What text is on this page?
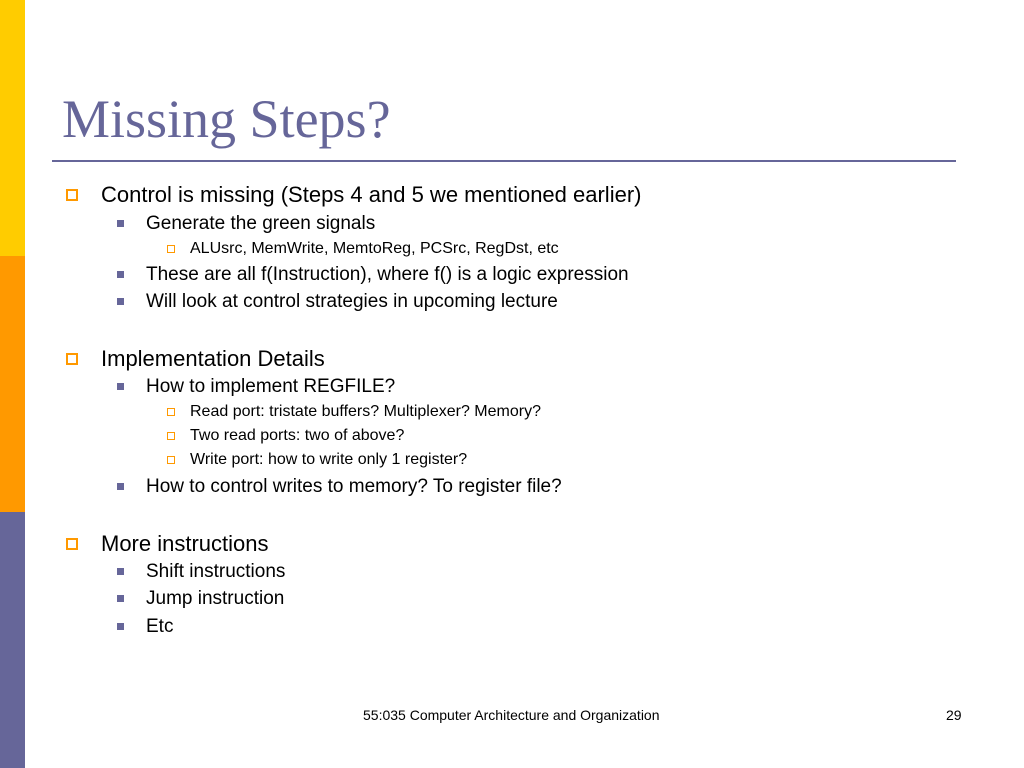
Missing Steps?
Control is missing (Steps 4 and 5 we mentioned earlier)
Generate the green signals
ALUsrc, MemWrite, MemtoReg, PCSrc, RegDst, etc
These are all f(Instruction), where f() is a logic expression
Will look at control strategies in upcoming lecture
Implementation Details
How to implement REGFILE?
Read port: tristate buffers? Multiplexer? Memory?
Two read ports: two of above?
Write port: how to write only 1 register?
How to control writes to memory? To register file?
More instructions
Shift instructions
Jump instruction
Etc
55:035 Computer Architecture and Organization	29
